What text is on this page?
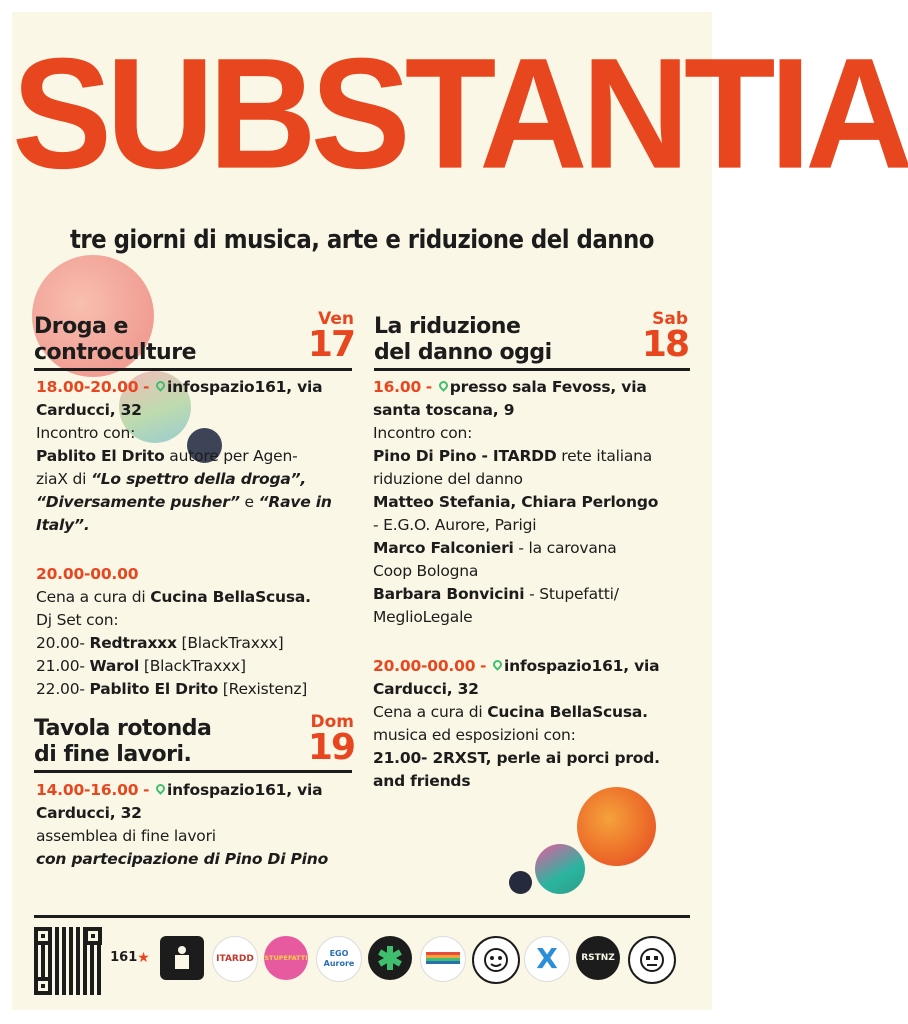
SUBSTANTIA
tre giorni di musica, arte e riduzione del danno
Droga e
controculture
Ven
17
18.00-20.00 - infospazio161, via
Carducci, 32
Incontro con:
Pablito El Drito autore per Agen-
ziaX di “Lo spettro della droga”,
“Diversamente pusher” e “Rave in
Italy”.
20.00-00.00
Cena a cura di Cucina BellaScusa.
Dj Set con:
20.00- Redtraxxx [BlackTraxxx]
21.00- Warol [BlackTraxxx]
22.00- Pablito El Drito [Rexistenz]
Tavola rotonda
di fine lavori.
Dom
19
14.00-16.00 - infospazio161, via
Carducci, 32
assemblea di fine lavori
con partecipazione di Pino Di Pino
La riduzione
del danno oggi
Sab
18
16.00 - presso sala Fevoss, via
santa toscana, 9
Incontro con:
Pino Di Pino - ITARDD rete italiana
riduzione del danno
Matteo Stefania, Chiara Perlongo
- E.G.O. Aurore, Parigi
Marco Falconieri - la carovana
Coop Bologna
Barbara Bonvicini - Stupefatti/
MeglioLegale
20.00-00.00 - infospazio161, via
Carducci, 32
Cena a cura di Cucina BellaScusa.
musica ed esposizioni con:
21.00- 2RXST, perle ai porci prod.
and friends
161 ★	ITARDD STUPEFATTI	EGO Aurore	X	RSTNZ
